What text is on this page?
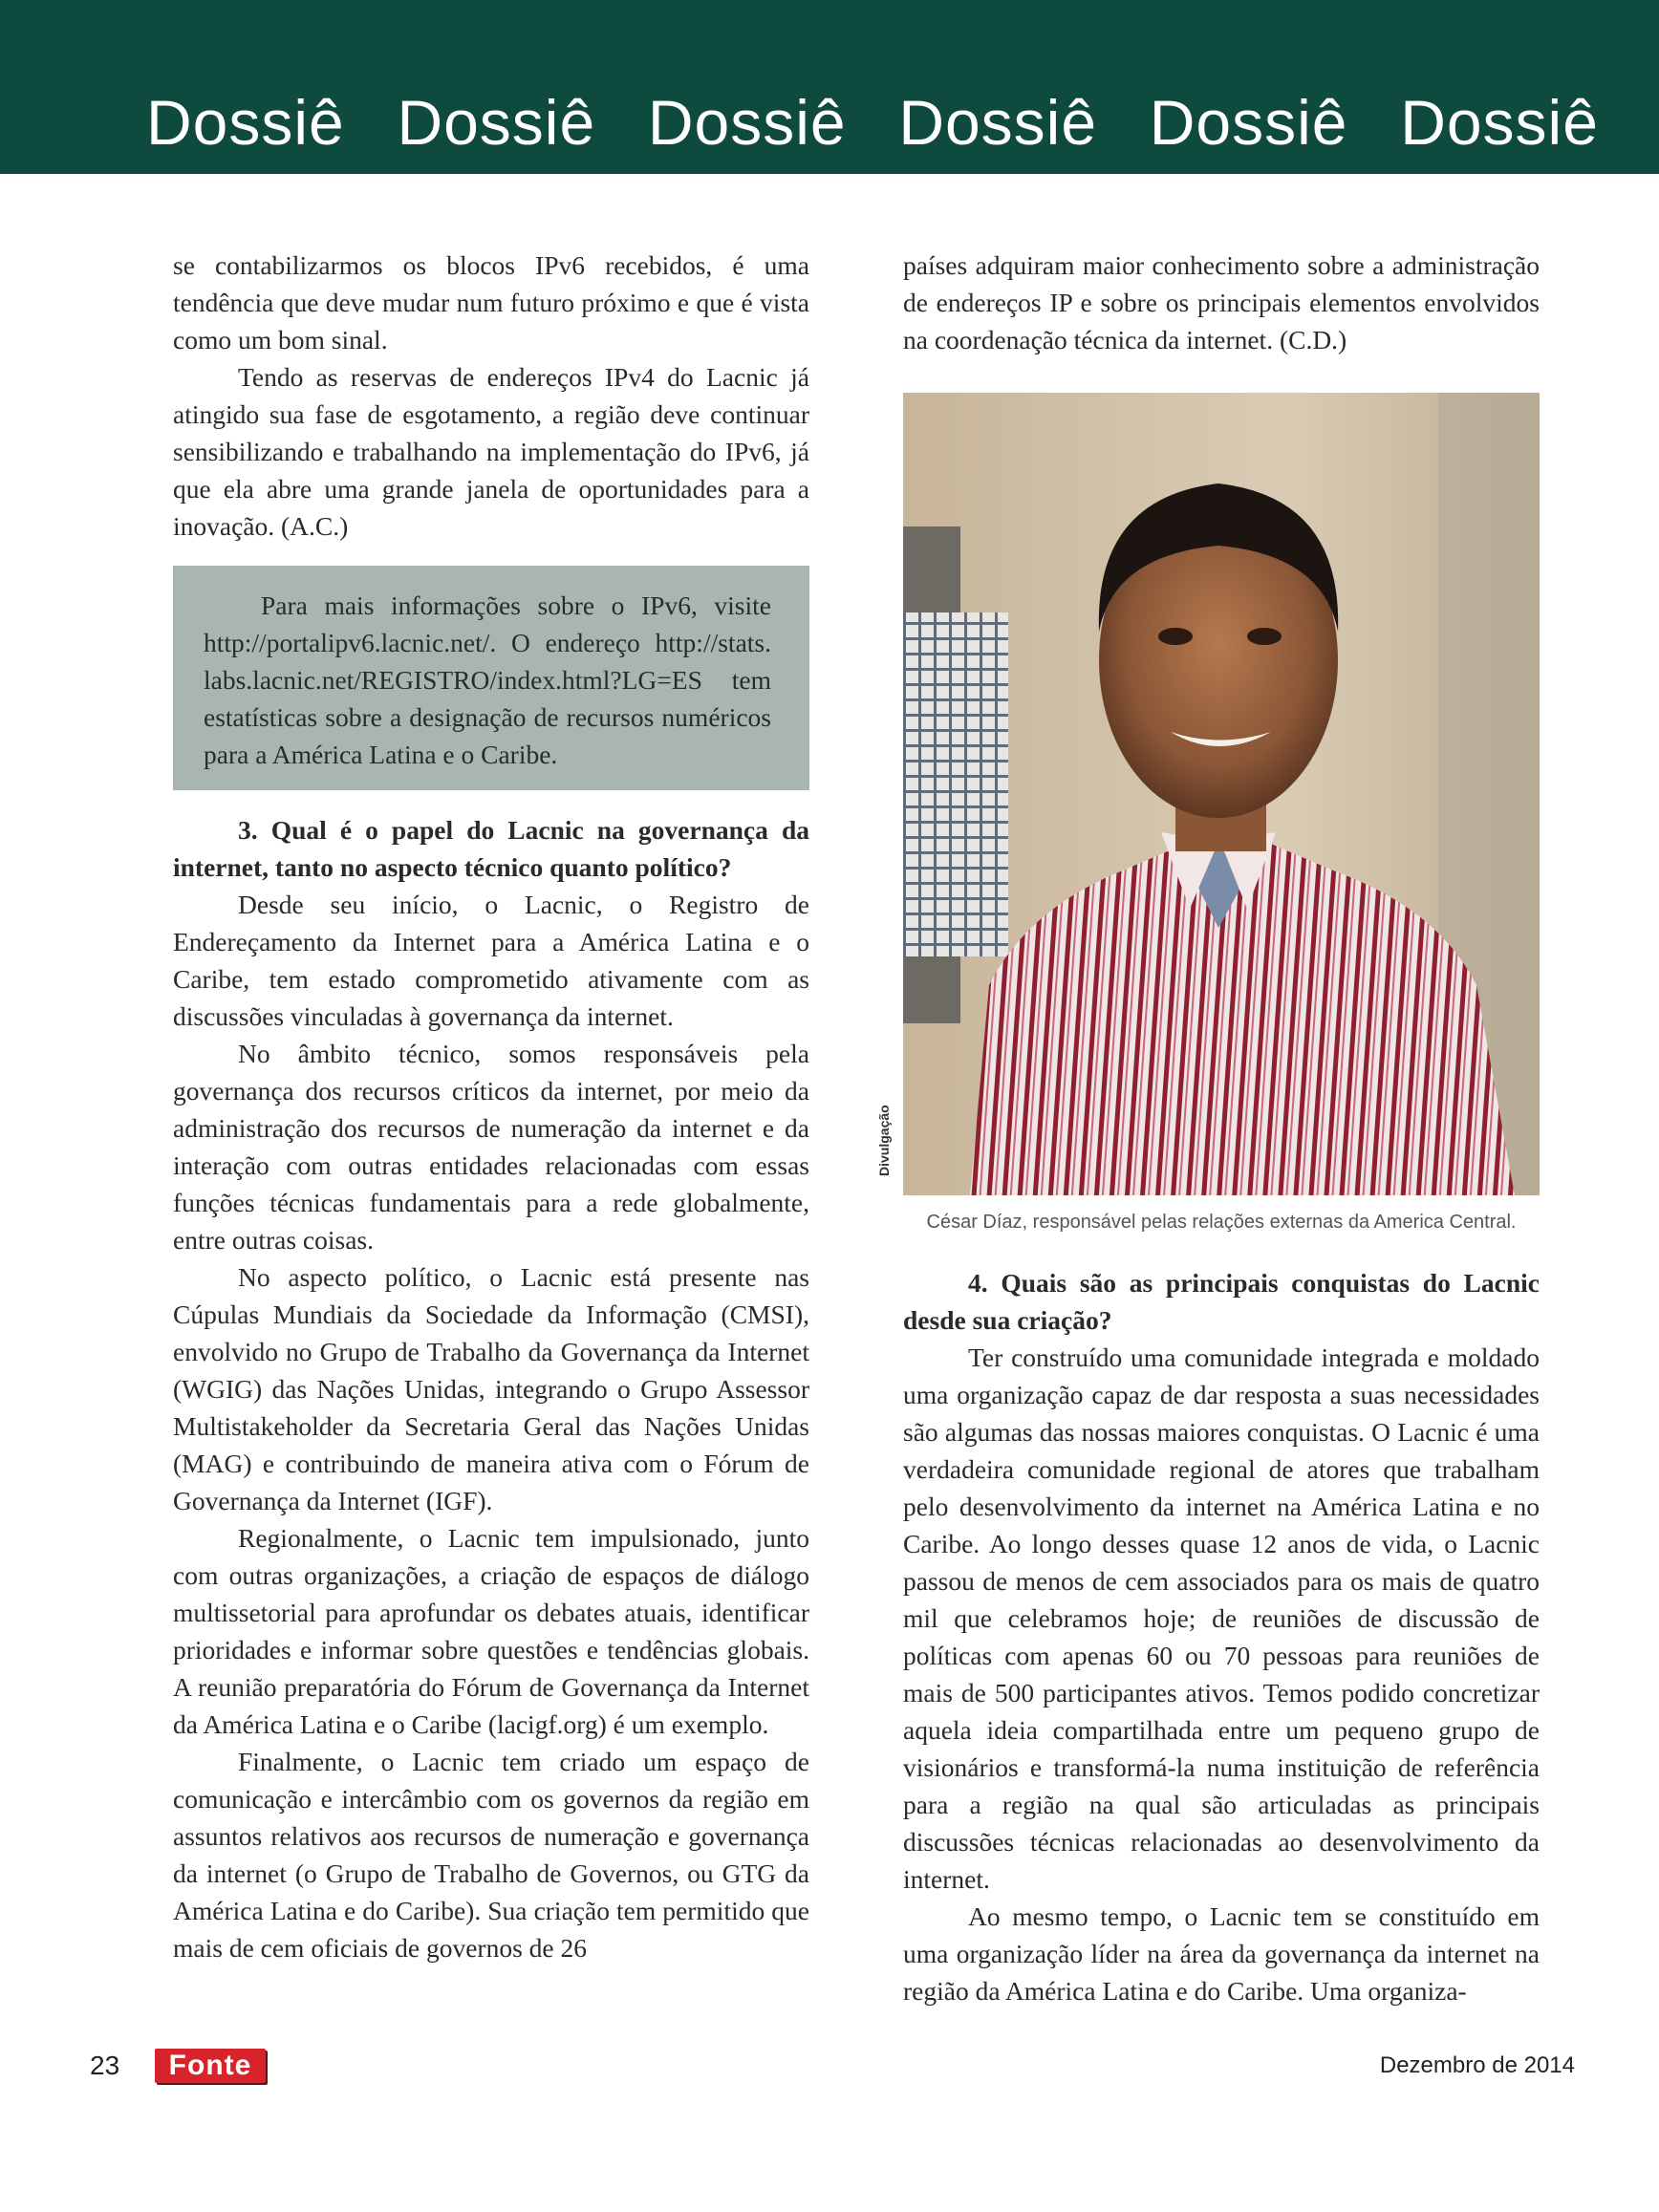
Dossiê Dossiê Dossiê Dossiê Dossiê Dossiê

se contabilizarmos os blocos IPv6 recebidos, é uma tendência que deve mudar num futuro próximo e que é vista como um bom sinal.

Tendo as reservas de endereços IPv4 do Lacnic já atingido sua fase de esgotamento, a região deve continuar sensibilizando e trabalhando na implementação do IPv6, já que ela abre uma grande janela de oportunidades para a inovação. (A.C.)

Para mais informações sobre o IPv6, visite http://portalipv6.lacnic.net/. O endereço http://stats. labs.lacnic.net/REGISTRO/index.html?LG=ES tem estatísticas sobre a designação de recursos numéricos para a América Latina e o Caribe.

3. Qual é o papel do Lacnic na governança da internet, tanto no aspecto técnico quanto político?

Desde seu início, o Lacnic, o Registro de Endereçamento da Internet para a América Latina e o Caribe, tem estado comprometido ativamente com as discussões vinculadas à governança da internet.

No âmbito técnico, somos responsáveis pela governança dos recursos críticos da internet, por meio da administração dos recursos de numeração da internet e da interação com outras entidades relacionadas com essas funções técnicas fundamentais para a rede globalmente, entre outras coisas.

No aspecto político, o Lacnic está presente nas Cúpulas Mundiais da Sociedade da Informação (CMSI), envolvido no Grupo de Trabalho da Governança da Internet (WGIG) das Nações Unidas, integrando o Grupo Assessor Multistakeholder da Secretaria Geral das Nações Unidas (MAG) e contribuindo de maneira ativa com o Fórum de Governança da Internet (IGF).

Regionalmente, o Lacnic tem impulsionado, junto com outras organizações, a criação de espaços de diálogo multissetorial para aprofundar os debates atuais, identificar prioridades e informar sobre questões e tendências globais. A reunião preparatória do Fórum de Governança da Internet da América Latina e o Caribe (lacigf.org) é um exemplo.

Finalmente, o Lacnic tem criado um espaço de comunicação e intercâmbio com os governos da região em assuntos relativos aos recursos de numeração e governança da internet (o Grupo de Trabalho de Governos, ou GTG da América Latina e do Caribe). Sua criação tem permitido que mais de cem oficiais de governos de 26

países adquiram maior conhecimento sobre a administração de endereços IP e sobre os principais elementos envolvidos na coordenação técnica da internet. (C.D.)

Divulgação
César Díaz, responsável pelas relações externas da America Central.

4. Quais são as principais conquistas do Lacnic desde sua criação?

Ter construído uma comunidade integrada e moldado uma organização capaz de dar resposta a suas necessidades são algumas das nossas maiores conquistas. O Lacnic é uma verdadeira comunidade regional de atores que trabalham pelo desenvolvimento da internet na América Latina e no Caribe. Ao longo desses quase 12 anos de vida, o Lacnic passou de menos de cem associados para os mais de quatro mil que celebramos hoje; de reuniões de discussão de políticas com apenas 60 ou 70 pessoas para reuniões de mais de 500 participantes ativos. Temos podido concretizar aquela ideia compartilhada entre um pequeno grupo de visionários e transformá-la numa instituição de referência para a região na qual são articuladas as principais discussões técnicas relacionadas ao desenvolvimento da internet.

Ao mesmo tempo, o Lacnic tem se constituído em uma organização líder na área da governança da internet na região da América Latina e do Caribe. Uma organiza-

23	Fonte	Dezembro de 2014
